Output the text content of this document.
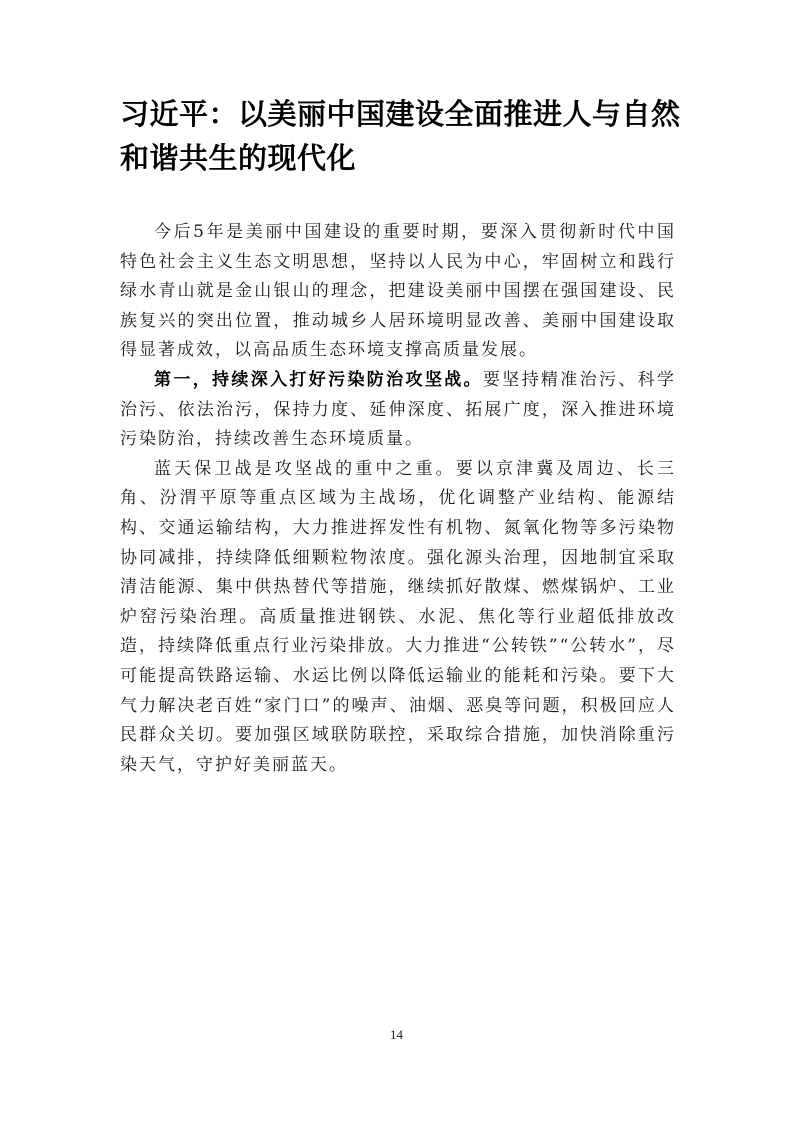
习近平：以美丽中国建设全面推进人与自然和谐共生的现代化

今后5年是美丽中国建设的重要时期，要深入贯彻新时代中国特色社会主义生态文明思想，坚持以人民为中心，牢固树立和践行绿水青山就是金山银山的理念，把建设美丽中国摆在强国建设、民族复兴的突出位置，推动城乡人居环境明显改善、美丽中国建设取得显著成效，以高品质生态环境支撑高质量发展。

第一，持续深入打好污染防治攻坚战。要坚持精准治污、科学治污、依法治污，保持力度、延伸深度、拓展广度，深入推进环境污染防治，持续改善生态环境质量。

蓝天保卫战是攻坚战的重中之重。要以京津冀及周边、长三角、汾渭平原等重点区域为主战场，优化调整产业结构、能源结构、交通运输结构，大力推进挥发性有机物、氮氧化物等多污染物协同减排，持续降低细颗粒物浓度。强化源头治理，因地制宜采取清洁能源、集中供热替代等措施，继续抓好散煤、燃煤锅炉、工业炉窑污染治理。高质量推进钢铁、水泥、焦化等行业超低排放改造，持续降低重点行业污染排放。大力推进“公转铁”“公转水”，尽可能提高铁路运输、水运比例以降低运输业的能耗和污染。要下大气力解决老百姓“家门口”的噪声、油烟、恶臭等问题，积极回应人民群众关切。要加强区域联防联控，采取综合措施，加快消除重污染天气，守护好美丽蓝天。

14
